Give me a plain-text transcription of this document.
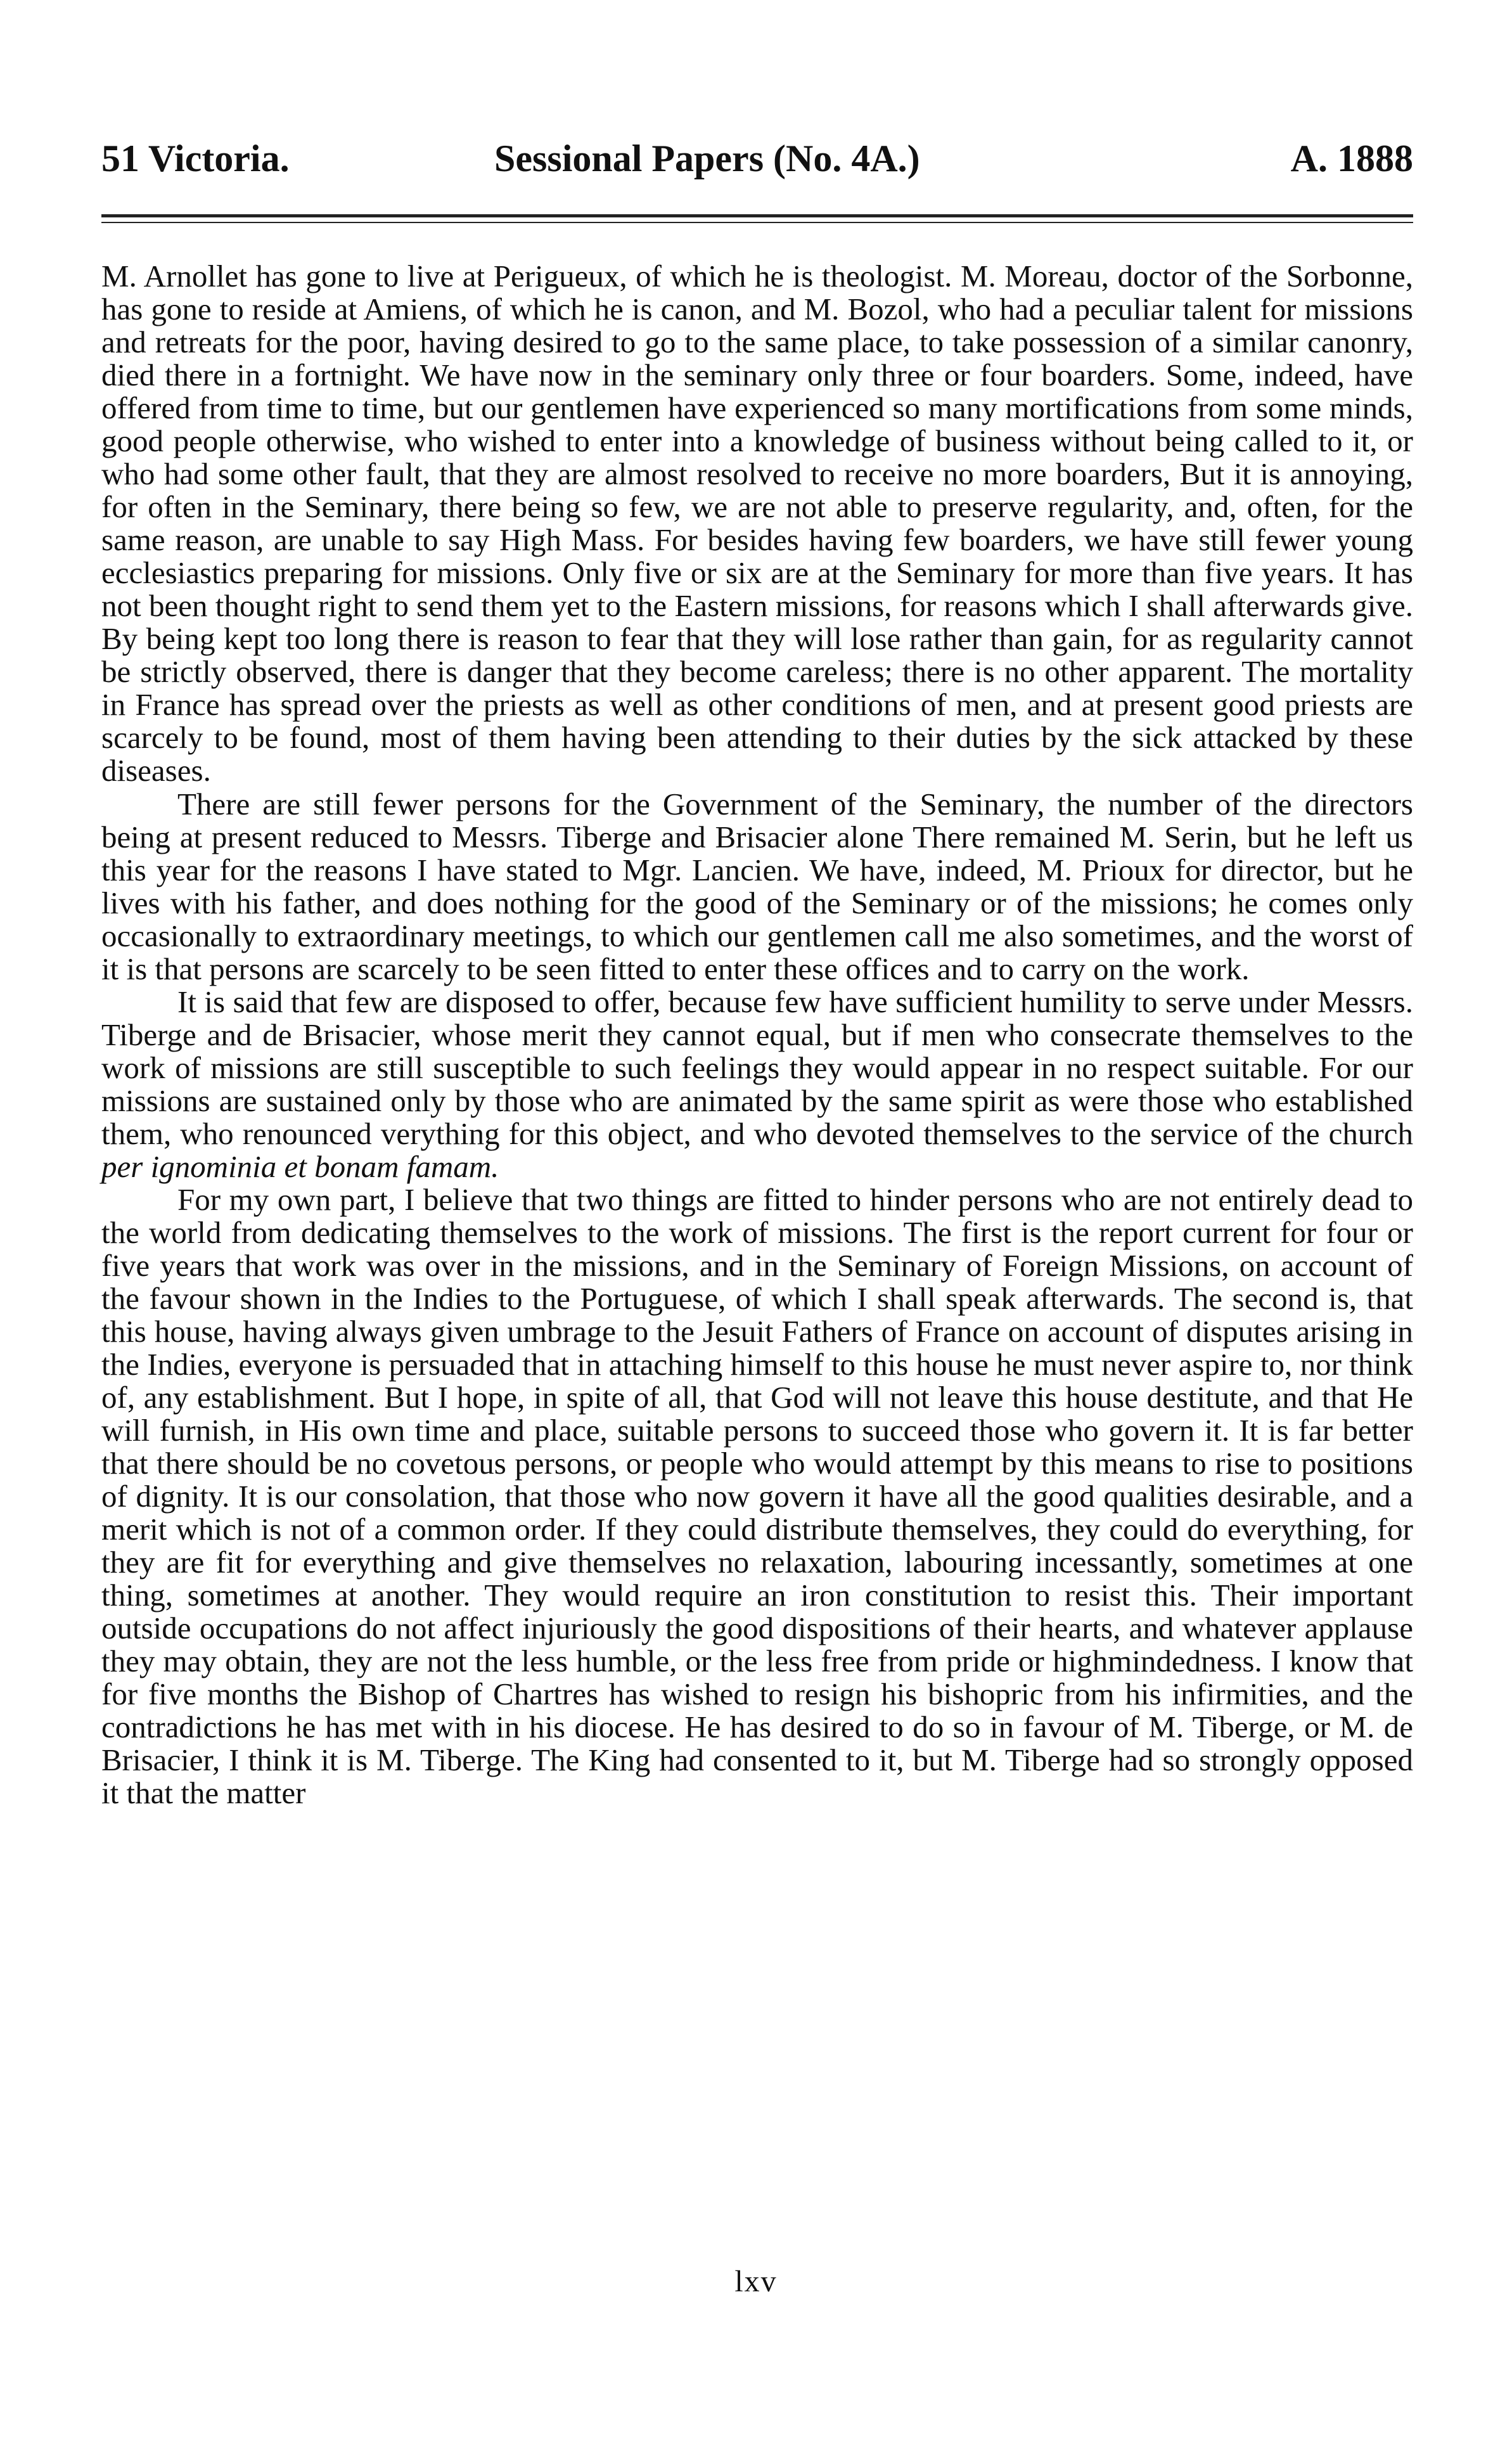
51 Victoria.	Sessional Papers (No. 4A.)	A. 1888

M. Arnollet has gone to live at Perigueux, of which he is theologist. M. Moreau, doctor of the Sorbonne, has gone to reside at Amiens, of which he is canon, and M. Bozol, who had a peculiar talent for missions and retreats for the poor, having desired to go to the same place, to take possession of a similar canonry, died there in a fortnight. We have now in the seminary only three or four boarders. Some, indeed, have offered from time to time, but our gentlemen have experienced so many mortifications from some minds, good people otherwise, who wished to enter into a knowledge of business without being called to it, or who had some other fault, that they are almost resolved to receive no more boarders, But it is annoying, for often in the Seminary, there being so few, we are not able to preserve regularity, and, often, for the same reason, are unable to say High Mass. For besides having few boarders, we have still fewer young ecclesiastics preparing for missions. Only five or six are at the Seminary for more than five years. It has not been thought right to send them yet to the Eastern missions, for reasons which I shall afterwards give. By being kept too long there is reason to fear that they will lose rather than gain, for as regularity cannot be strictly observed, there is danger that they become careless; there is no other apparent. The mortality in France has spread over the priests as well as other conditions of men, and at present good priests are scarcely to be found, most of them having been attending to their duties by the sick attacked by these diseases.

There are still fewer persons for the Government of the Seminary, the number of the directors being at present reduced to Messrs. Tiberge and Brisacier alone There remained M. Serin, but he left us this year for the reasons I have stated to Mgr. Lancien. We have, indeed, M. Prioux for director, but he lives with his father, and does nothing for the good of the Seminary or of the missions; he comes only occasionally to extraordinary meetings, to which our gentlemen call me also sometimes, and the worst of it is that persons are scarcely to be seen fitted to enter these offices and to carry on the work.

It is said that few are disposed to offer, because few have sufficient humility to serve under Messrs. Tiberge and de Brisacier, whose merit they cannot equal, but if men who consecrate themselves to the work of missions are still susceptible to such feelings they would appear in no respect suitable. For our missions are sustained only by those who are animated by the same spirit as were those who established them, who renounced verything for this object, and who devoted themselves to the service of the church per ignominia et bonam famam.

For my own part, I believe that two things are fitted to hinder persons who are not entirely dead to the world from dedicating themselves to the work of missions. The first is the report current for four or five years that work was over in the missions, and in the Seminary of Foreign Missions, on account of the favour shown in the Indies to the Portuguese, of which I shall speak afterwards. The second is, that this house, having always given umbrage to the Jesuit Fathers of France on account of disputes arising in the Indies, everyone is persuaded that in attaching himself to this house he must never aspire to, nor think of, any establishment. But I hope, in spite of all, that God will not leave this house destitute, and that He will furnish, in His own time and place, suitable persons to succeed those who govern it. It is far better that there should be no covetous persons, or people who would attempt by this means to rise to positions of dignity. It is our consolation, that those who now govern it have all the good qualities desirable, and a merit which is not of a common order. If they could distribute themselves, they could do everything, for they are fit for everything and give themselves no relaxation, labouring incessantly, sometimes at one thing, sometimes at another. They would require an iron constitution to resist this. Their important outside occupations do not affect injuriously the good dispositions of their hearts, and whatever applause they may obtain, they are not the less humble, or the less free from pride or highmindedness. I know that for five months the Bishop of Chartres has wished to resign his bishopric from his infirmities, and the contradictions he has met with in his diocese. He has desired to do so in favour of M. Tiberge, or M. de Brisacier, I think it is M. Tiberge. The King had consented to it, but M. Tiberge had so strongly opposed it that the matter

lxv
